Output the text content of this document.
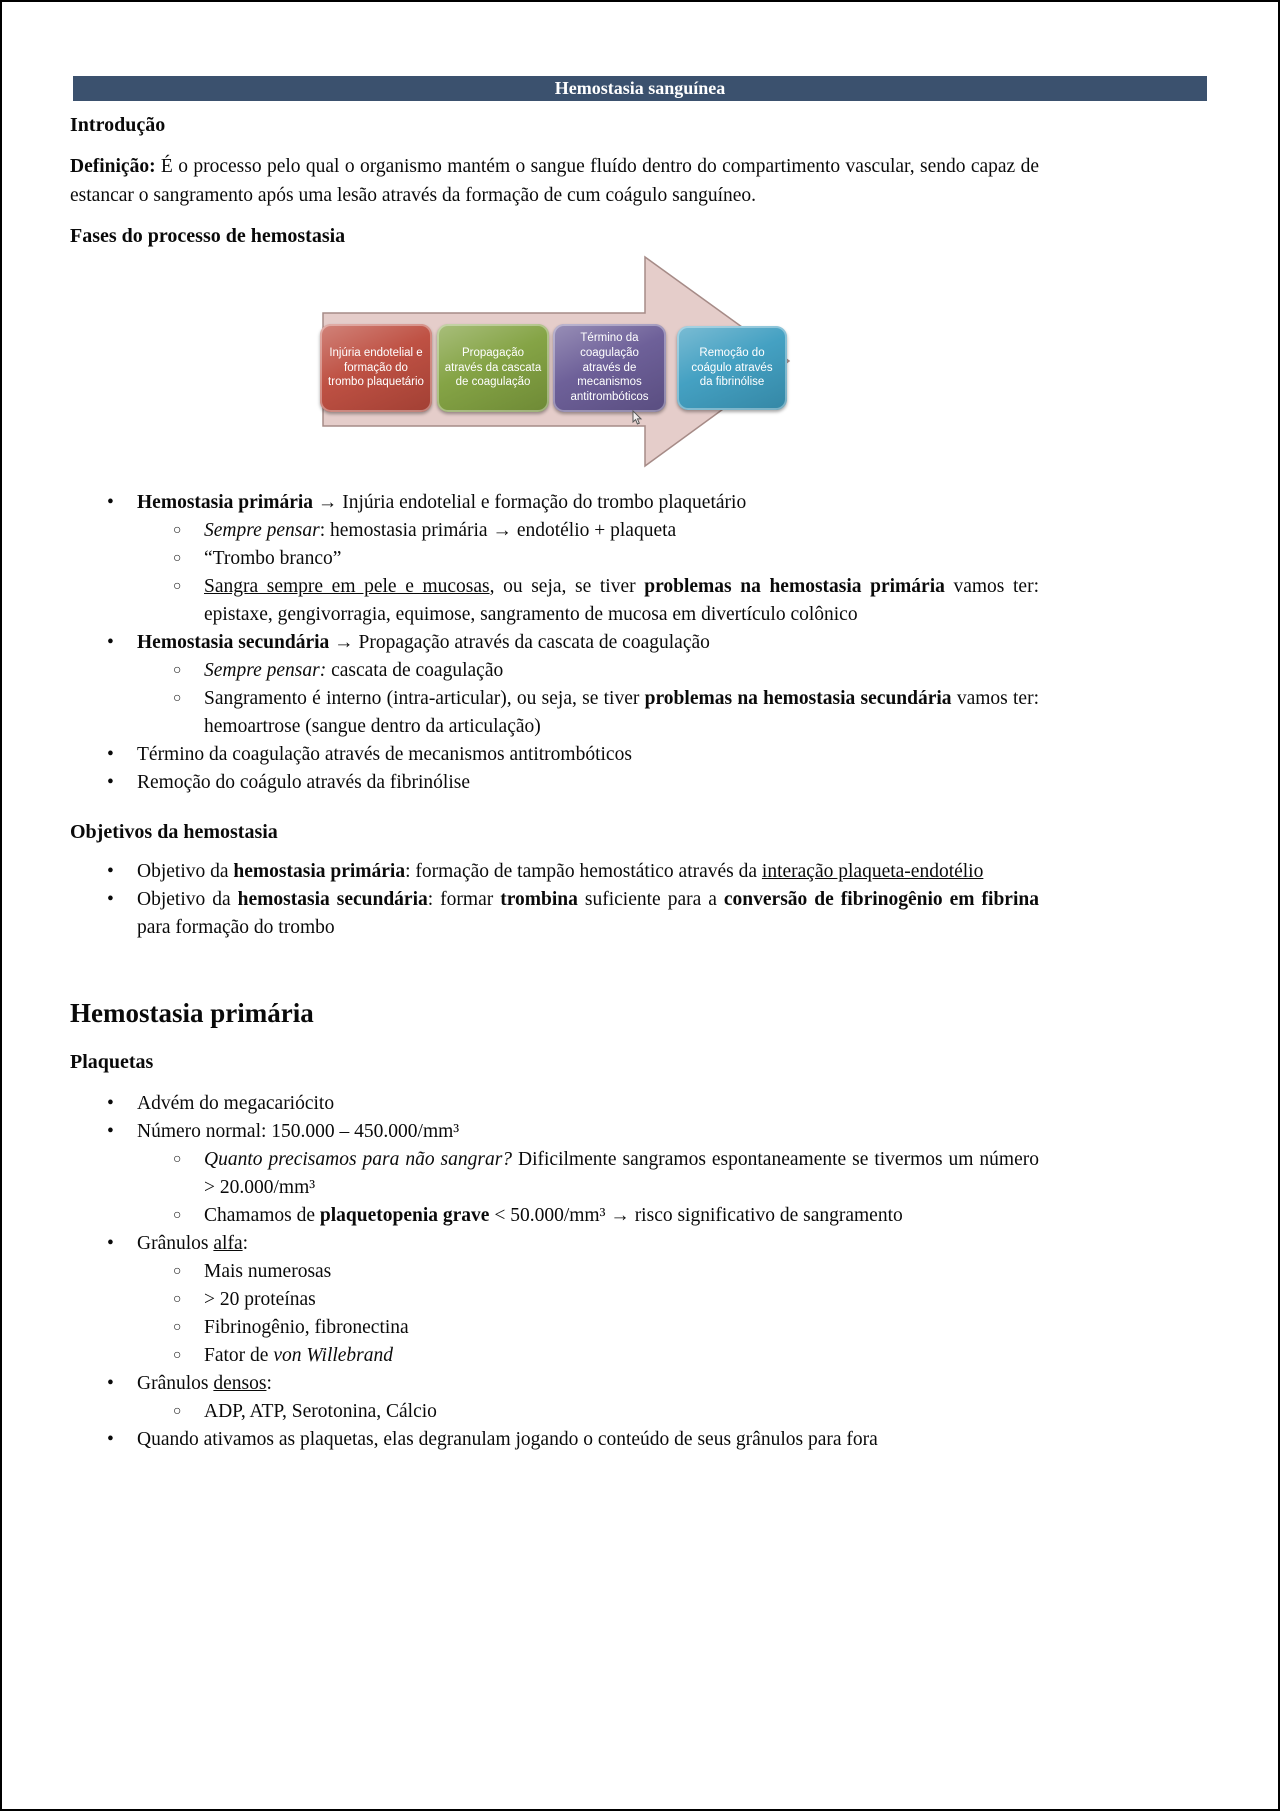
Hemostasia sanguínea
Introdução

Definição: É o processo pelo qual o organismo mantém o sangue fluído dentro do compartimento vascular, sendo capaz de estancar o sangramento após uma lesão através da formação de cum coágulo sanguíneo.

Fases do processo de hemostasia
Injúria endotelial e formação do trombo plaquetário
Propagação através da cascata de coagulação
Término da coagulação através de mecanismos antitrombóticos
Remoção do coágulo através da fibrinólise
• Hemostasia primária → Injúria endotelial e formação do trombo plaquetário
○ Sempre pensar: hemostasia primária → endotélio + plaqueta
○ “Trombo branco”
○ Sangra sempre em pele e mucosas, ou seja, se tiver problemas na hemostasia primária vamos ter: epistaxe, gengivorragia, equimose, sangramento de mucosa em divertículo colônico
• Hemostasia secundária → Propagação através da cascata de coagulação
○ Sempre pensar: cascata de coagulação
○ Sangramento é interno (intra-articular), ou seja, se tiver problemas na hemostasia secundária vamos ter: hemoartrose (sangue dentro da articulação)
• Término da coagulação através de mecanismos antitrombóticos
• Remoção do coágulo através da fibrinólise
Objetivos da hemostasia
• Objetivo da hemostasia primária: formação de tampão hemostático através da interação plaqueta-endotélio
• Objetivo da hemostasia secundária: formar trombina suficiente para a conversão de fibrinogênio em fibrina para formação do trombo
Hemostasia primária
Plaquetas
• Advém do megacariócito
• Número normal: 150.000 – 450.000/mm³
○ Quanto precisamos para não sangrar? Dificilmente sangramos espontaneamente se tivermos um número > 20.000/mm³
○ Chamamos de plaquetopenia grave < 50.000/mm³ → risco significativo de sangramento
• Grânulos alfa:
○ Mais numerosas
○ > 20 proteínas
○ Fibrinogênio, fibronectina
○ Fator de von Willebrand
• Grânulos densos:
○ ADP, ATP, Serotonina, Cálcio
• Quando ativamos as plaquetas, elas degranulam jogando o conteúdo de seus grânulos para fora
